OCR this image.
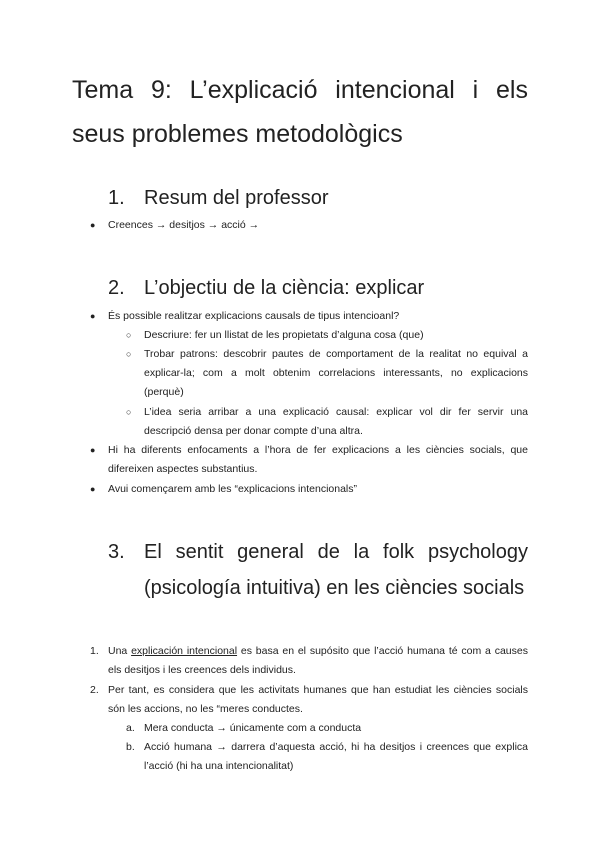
Tema 9: L’explicació intencional i els seus problemes metodològics
1. Resum del professor
● Creences → desitjos → acció →
2. L’objectiu de la ciència: explicar
● És possible realitzar explicacions causals de tipus intencioanl?
○ Descriure: fer un llistat de les propietats d’alguna cosa (que)
○ Trobar patrons: descobrir pautes de comportament de la realitat no equival a explicar-la; com a molt obtenim correlacions interessants, no explicacions (perquè)
○ L’idea seria arribar a una explicació causal: explicar vol dir fer servir una descripció densa per donar compte d’una altra.
● Hi ha diferents enfocaments a l’hora de fer explicacions a les ciències socials, que difereixen aspectes substantius.
● Avui començarem amb les “explicacions intencionals”
3. El sentit general de la folk psychology (psicología intuitiva) en les ciències socials
1. Una explicación intencional es basa en el supósito que l’acció humana té com a causes els desitjos i les creences dels individus.
2. Per tant, es considera que les activitats humanes que han estudiat les ciències socials són les accions, no les “meres conductes.
a. Mera conducta → únicamente com a conducta
b. Acció humana → darrera d’aquesta acció, hi ha desitjos i creences que explica l’acció (hi ha una intencionalitat)
